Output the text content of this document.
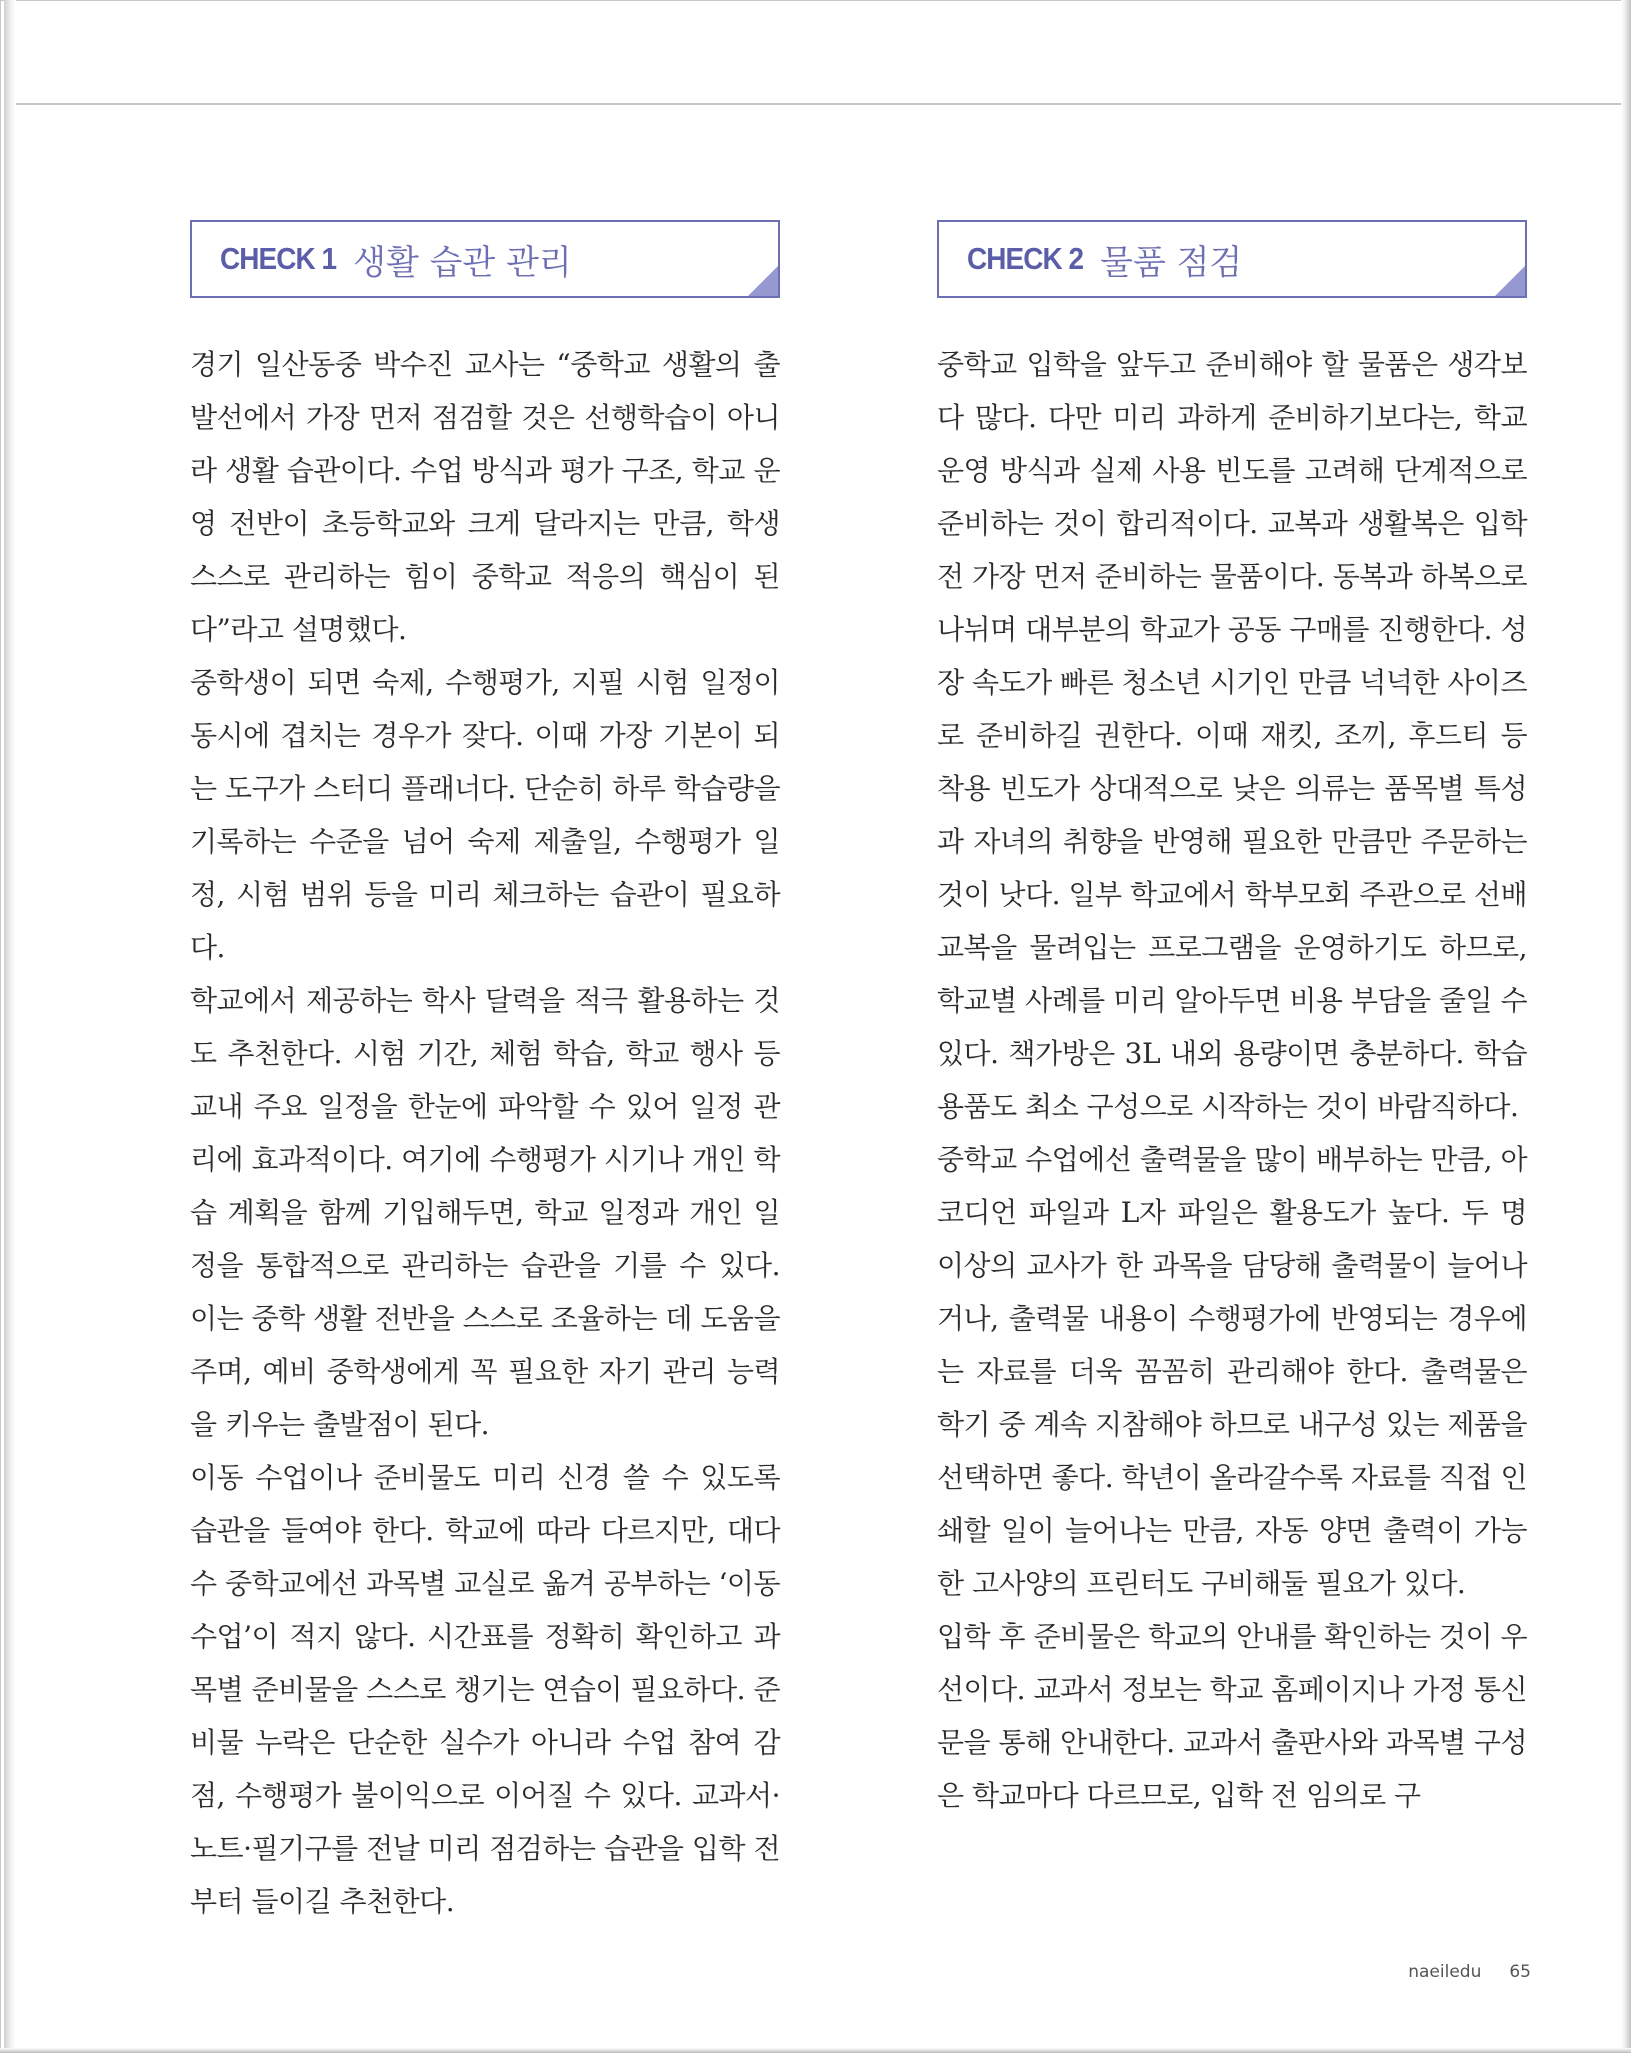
CHECK 1 생활 습관 관리

경기 일산동중 박수진 교사는 “중학교 생활의 출발선에서 가장 먼저 점검할 것은 선행학습이 아니라 생활 습관이다. 수업 방식과 평가 구조, 학교 운영 전반이 초등학교와 크게 달라지는 만큼, 학생 스스로 관리하는 힘이 중학교 적응의 핵심이 된다”라고 설명했다.

중학생이 되면 숙제, 수행평가, 지필 시험 일정이 동시에 겹치는 경우가 잦다. 이때 가장 기본이 되는 도구가 스터디 플래너다. 단순히 하루 학습량을 기록하는 수준을 넘어 숙제 제출일, 수행평가 일정, 시험 범위 등을 미리 체크하는 습관이 필요하다.

학교에서 제공하는 학사 달력을 적극 활용하는 것도 추천한다. 시험 기간, 체험 학습, 학교 행사 등 교내 주요 일정을 한눈에 파악할 수 있어 일정 관리에 효과적이다. 여기에 수행평가 시기나 개인 학습 계획을 함께 기입해두면, 학교 일정과 개인 일정을 통합적으로 관리하는 습관을 기를 수 있다. 이는 중학 생활 전반을 스스로 조율하는 데 도움을 주며, 예비 중학생에게 꼭 필요한 자기 관리 능력을 키우는 출발점이 된다.

이동 수업이나 준비물도 미리 신경 쓸 수 있도록 습관을 들여야 한다. 학교에 따라 다르지만, 대다수 중학교에선 과목별 교실로 옮겨 공부하는 ‘이동 수업’이 적지 않다. 시간표를 정확히 확인하고 과목별 준비물을 스스로 챙기는 연습이 필요하다. 준비물 누락은 단순한 실수가 아니라 수업 참여 감점, 수행평가 불이익으로 이어질 수 있다. 교과서·노트·필기구를 전날 미리 점검하는 습관을 입학 전부터 들이길 추천한다.

CHECK 2 물품 점검

중학교 입학을 앞두고 준비해야 할 물품은 생각보다 많다. 다만 미리 과하게 준비하기보다는, 학교 운영 방식과 실제 사용 빈도를 고려해 단계적으로 준비하는 것이 합리적이다. 교복과 생활복은 입학 전 가장 먼저 준비하는 물품이다. 동복과 하복으로 나뉘며 대부분의 학교가 공동 구매를 진행한다. 성장 속도가 빠른 청소년 시기인 만큼 넉넉한 사이즈로 준비하길 권한다. 이때 재킷, 조끼, 후드티 등 착용 빈도가 상대적으로 낮은 의류는 품목별 특성과 자녀의 취향을 반영해 필요한 만큼만 주문하는 것이 낫다. 일부 학교에서 학부모회 주관으로 선배 교복을 물려입는 프로그램을 운영하기도 하므로, 학교별 사례를 미리 알아두면 비용 부담을 줄일 수 있다. 책가방은 3L 내외 용량이면 충분하다. 학습 용품도 최소 구성으로 시작하는 것이 바람직하다.

중학교 수업에선 출력물을 많이 배부하는 만큼, 아코디언 파일과 L자 파일은 활용도가 높다. 두 명 이상의 교사가 한 과목을 담당해 출력물이 늘어나거나, 출력물 내용이 수행평가에 반영되는 경우에는 자료를 더욱 꼼꼼히 관리해야 한다. 출력물은 학기 중 계속 지참해야 하므로 내구성 있는 제품을 선택하면 좋다. 학년이 올라갈수록 자료를 직접 인쇄할 일이 늘어나는 만큼, 자동 양면 출력이 가능한 고사양의 프린터도 구비해둘 필요가 있다.

입학 후 준비물은 학교의 안내를 확인하는 것이 우선이다. 교과서 정보는 학교 홈페이지나 가정 통신문을 통해 안내한다. 교과서 출판사와 과목별 구성은 학교마다 다르므로, 입학 전 임의로 구

naeiledu 65
